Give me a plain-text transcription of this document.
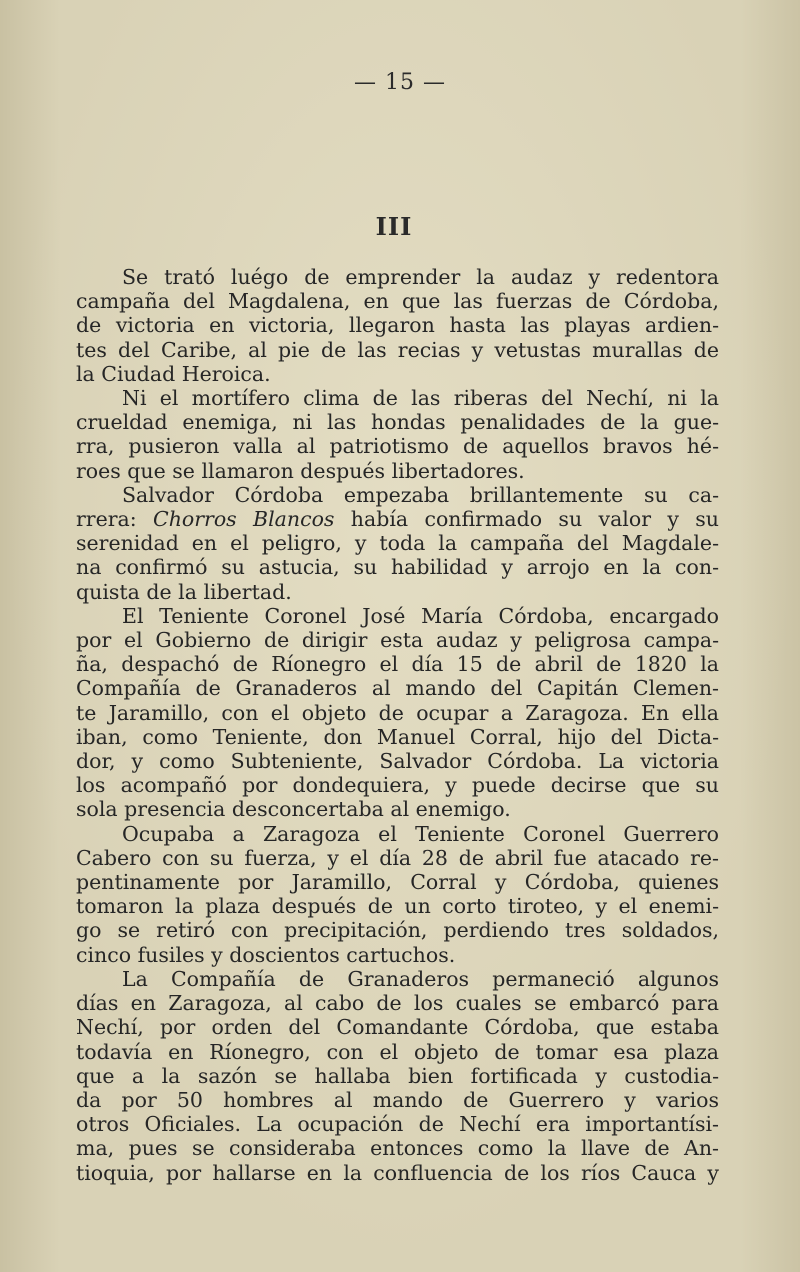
— 15 —
III
Se trató luégo de emprender la audaz y redentora
campaña del Magdalena, en que las fuerzas de Córdoba,
de victoria en victoria, llegaron hasta las playas ardien-
tes del Caribe, al pie de las recias y vetustas murallas de
la Ciudad Heroica.
Ni el mortífero clima de las riberas del Nechí, ni la
crueldad enemiga, ni las hondas penalidades de la gue-
rra, pusieron valla al patriotismo de aquellos bravos hé-
roes que se llamaron después libertadores.
Salvador Córdoba empezaba brillantemente su ca-
rrera: Chorros Blancos había confirmado su valor y su
serenidad en el peligro, y toda la campaña del Magdale-
na confirmó su astucia, su habilidad y arrojo en la con-
quista de la libertad.
El Teniente Coronel José María Córdoba, encargado
por el Gobierno de dirigir esta audaz y peligrosa campa-
ña, despachó de Ríonegro el día 15 de abril de 1820 la
Compañía de Granaderos al mando del Capitán Clemen-
te Jaramillo, con el objeto de ocupar a Zaragoza. En ella
iban, como Teniente, don Manuel Corral, hijo del Dicta-
dor, y como Subteniente, Salvador Córdoba. La victoria
los acompañó por dondequiera, y puede decirse que su
sola presencia desconcertaba al enemigo.
Ocupaba a Zaragoza el Teniente Coronel Guerrero
Cabero con su fuerza, y el día 28 de abril fue atacado re-
pentinamente por Jaramillo, Corral y Córdoba, quienes
tomaron la plaza después de un corto tiroteo, y el enemi-
go se retiró con precipitación, perdiendo tres soldados,
cinco fusiles y doscientos cartuchos.
La Compañía de Granaderos permaneció algunos
días en Zaragoza, al cabo de los cuales se embarcó para
Nechí, por orden del Comandante Córdoba, que estaba
todavía en Ríonegro, con el objeto de tomar esa plaza
que a la sazón se hallaba bien fortificada y custodia-
da por 50 hombres al mando de Guerrero y varios
otros Oficiales. La ocupación de Nechí era importantísi-
ma, pues se consideraba entonces como la llave de An-
tioquia, por hallarse en la confluencia de los ríos Cauca y
